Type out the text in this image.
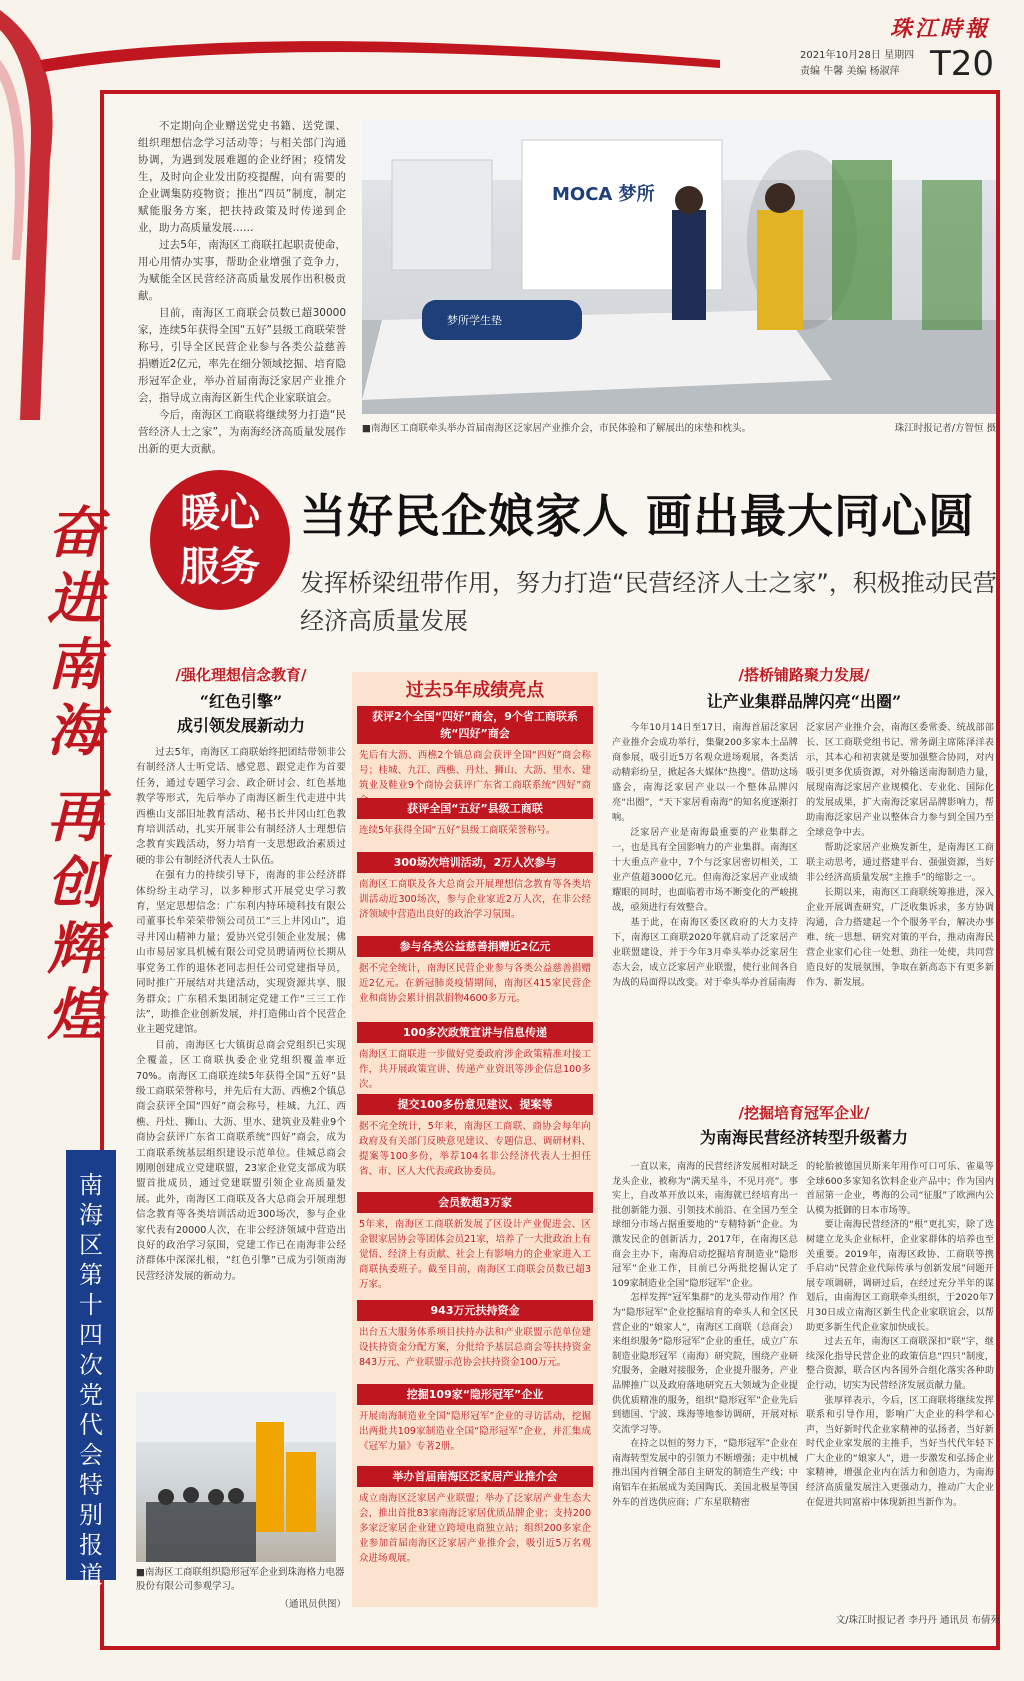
珠江時報
2021年10月28日 星期四
责编 牛馨 美编 杨淑萍 T20
奋
进
南
海
再
创
辉
煌
南
海
区
第
十
四
次
党
代
会
特
别
报
道

不定期向企业赠送党史书籍、送党课、组织理想信念学习活动等；与相关部门沟通协调，为遇到发展难题的企业纾困；疫情发生，及时向企业发出防疫提醒，向有需要的企业调集防疫物资；推出“四员”制度，制定赋能服务方案，把扶持政策及时传递到企业，助力高质量发展……

过去5年，南海区工商联扛起职责使命，用心用情办实事，帮助企业增强了竞争力，为赋能全区民营经济高质量发展作出积极贡献。

目前，南海区工商联会员数已超30000家，连续5年获得全国“五好”县级工商联荣誉称号，引导全区民营企业参与各类公益慈善捐赠近2亿元，率先在细分领域挖掘、培育隐形冠军企业，举办首届南海泛家居产业推介会，指导成立南海区新生代企业家联谊会。

今后，南海区工商联将继续努力打造“民营经济人士之家”，为南海经济高质量发展作出新的更大贡献。

MOCA 梦所
梦所学生垫
■南海区工商联牵头举办首届南海区泛家居产业推介会，市民体验和了解展出的床垫和枕头。	珠江时报记者/方智恒 摄
暖心
服务
当好民企娘家人 画出最大同心圆
发挥桥梁纽带作用，努力打造“民营经济人士之家”，积极推动民营经济高质量发展
/强化理想信念教育/
“红色引擎”
成引领发展新动力

过去5年，南海区工商联始终把团结带领非公有制经济人士听党话、感党恩、跟党走作为首要任务，通过专题学习会、政企研讨会、红色基地教学等形式，先后举办了南海区新生代走进中共西樵山支部旧址教育活动、秘书长井冈山红色教育培训活动，扎实开展非公有制经济人士理想信念教育实践活动，努力培育一支思想政治素质过硬的非公有制经济代表人士队伍。

在强有力的持续引导下，南海的非公经济群体纷纷主动学习，以多种形式开展党史学习教育，坚定思想信念：广东利内特环境科技有限公司董事长牟荣荣带领公司员工“三上井冈山”，追寻井冈山精神力量；爱协兴党引领企业发展；佛山市易居家具机械有限公司党员聘请两位长期从事党务工作的退休老同志担任公司党建指导员，同时推广开展结对共建活动，实现资源共享、服务群众；广东稻禾集团制定党建工作“三三工作法”，助推企业创新发展，并打造佛山首个民营企业主题党建馆。

目前，南海区七大镇街总商会党组织已实现全覆盖，区工商联执委企业党组织覆盖率近70%。南海区工商联连续5年获得全国“五好”县级工商联荣誉称号，并先后有大沥、西樵2个镇总商会获评全国“四好”商会称号，桂城、九江、西樵、丹灶、狮山、大沥、里水、建筑业及鞋业9个商协会获评广东省工商联系统“四好”商会，成为工商联系统基层组织建设示范单位。佳城总商会刚刚创建成立党建联盟，23家企业党支部成为联盟首批成员，通过党建联盟引领企业高质量发展。此外，南海区工商联及各大总商会开展理想信念教育等各类培训活动近300场次，参与企业家代表有20000人次，在非公经济领域中营造出良好的政治学习氛围，党建工作已在南海非公经济群体中深深扎根，“红色引擎”已成为引领南海民营经济发展的新动力。

■南海区工商联组织隐形冠军企业到珠海格力电器股份有限公司参观学习。
（通讯员供图）
过去5年成绩亮点
获评2个全国“四好”商会，9个省工商联系统“四好”商会
先后有大沥、西樵2个镇总商会获评全国“四好”商会称号；桂城、九江、西樵、丹灶、狮山、大沥、里水、建筑业及鞋业9个商协会获评广东省工商联系统“四好”商
获评全国“五好”县级工商联
连续5年获得全国“五好”县级工商联荣誉称号。
300场次培训活动，2万人次参与
南海区工商联及各大总商会开展理想信念教育等各类培训活动近300场次，参与企业家近2万人次，在非公经济领域中营造出良好的政治学习氛围。
参与各类公益慈善捐赠近2亿元
据不完全统计，南海区民营企业参与各类公益慈善捐赠近2亿元。在新冠肺炎疫情期间，南海区415家民营企业和商协会累计捐款捐物4600多万元。
100多次政策宣讲与信息传递
南海区工商联进一步做好党委政府涉企政策精准对接工作，共开展政策宣讲、传递产业资讯等涉企信息100多次。
提交100多份意见建议、提案等
据不完全统计，5年来，南海区工商联、商协会每年向政府及有关部门反映意见建议、专题信息、调研材料、提案等100多份，举荐104名非公经济代表人士担任省、市、区人大代表或政协委员。
会员数超3万家
5年来，南海区工商联新发展了区设计产业促进会、区金银家居协会等团体会员21家，培养了一大批政治上有觉悟、经济上有贡献、社会上有影响力的企业家进入工商联执委班子。截至目前，南海区工商联会员数已超3万家。
943万元扶持资金
出台五大服务体系项目扶持办法和产业联盟示范单位建设扶持资金分配方案，分批给予基层总商会等扶持资金843万元、产业联盟示范协会扶持资金100万元。
挖掘109家“隐形冠军”企业
开展南海制造业全国“隐形冠军”企业的寻访活动，挖掘出两批共109家制造业全国“隐形冠军”企业，并汇集成《冠军力量》专著2册。
举办首届南海区泛家居产业推介会
成立南海区泛家居产业联盟；举办了泛家居产业生态大会，推出首批83家南海泛家居优质品牌企业；支持200多家泛家居企业建立跨境电商独立站；组织200多家企业参加首届南海区泛家居产业推介会，吸引近5万名观众进场观展。
/搭桥铺路聚力发展/
让产业集群品牌闪亮“出圈”

今年10月14日至17日，南海首届泛家居产业推介会成功举行，集聚200多家本土品牌商参展，吸引近5万名观众进场观展，各类活动精彩纷呈，掀起各大媒体“热搜”。借助这场盛会，南海泛家居产业以一个整体品牌闪亮“出圈”，“天下家居看南海”的知名度逐渐打响。

泛家居产业是南海最重要的产业集群之一，也是具有全国影响力的产业集群。南海区十大重点产业中，7个与泛家居密切相关，工业产值超3000亿元。但南海泛家居产业成绩耀眼的同时，也面临着市场不断变化的严峻挑战，亟须进行有效整合。

基于此，在南海区委区政府的大力支持下，南海区工商联2020年就启动了泛家居产业联盟建设，并于今年3月牵头举办泛家居生态大会，成立泛家居产业联盟，使行业间各自为战的局面得以改变。对于牵头举办首届南海

泛家居产业推介会，南海区委常委、统战部部长、区工商联党组书记、常务副主席陈泽洋表示，其本心和初衷就是要加强整合协同，对内吸引更多优质资源，对外输送南海制造力量，展现南海泛家居产业规模化、专业化、国际化的发展成果，扩大南海泛家居品牌影响力，帮助南海泛家居产业以整体合力参与到全国乃至全球竞争中去。

帮助泛家居产业焕发新生，是南海区工商联主动思考，通过搭建平台、强强资源，当好非公经济高质量发展“主推手”的缩影之一。

长期以来，南海区工商联统筹推进，深入企业开展调查研究，广泛收集诉求，多方协调沟通，合力搭建起一个个服务平台，解决办事难、统一思想、研究对策的平台，推动南海民营企业家们心往一处想、劲往一处使，共同营造良好的发展氛围，争取在新高态下有更多新作为、新发展。

/挖掘培育冠军企业/
为南海民营经济转型升级蓄力

一直以来，南海的民营经济发展相对缺乏龙头企业，被称为“满天星斗，不见月亮”。事实上，自改革开放以来，南海就已经培育出一批创新能力强、引领技术前沿、在全国乃至全球细分市场占据重要地的“专精特新”企业。为激发民企的创新活力，2017年，在南海区总商会主办下，南海启动挖掘培育制造业“隐形冠军”企业工作，目前已分两批挖掘认定了109家制造业全国“隐形冠军”企业。

怎样发挥“冠军集群”的龙头带动作用？作为“隐形冠军”企业挖掘培育的牵头人和全区民营企业的“娘家人”，南海区工商联（总商会）来组织服务“隐形冠军”企业的重任，成立广东制造业隐形冠军（南海）研究院，围绕产业研究服务，金融对接服务，企业提升服务，产业品牌推广以及政府落地研究五大领域为企业提供优质精准的服务，组织“隐形冠军”企业先后到德国、宁波、珠海等地参访调研，开展对标交流学习等。

在持之以恒的努力下，“隐形冠军”企业在南海转型发展中的引领力不断增强；走中机械推出国内首辆全部自主研发的制造生产线；中南铝车在拓展成为美国陶氏、美国北极星等国外车的首选供应商；广东星联精密

的轮胎被德国贝斯来年用作可口可乐、雀巢等全球600多家知名饮料企业产品中；作为国内首屈第一企业，粤海的公司“征服”了欧洲内公认模为抵御的日本市场等。

要让南海民营经济的“根”更扎实，除了选树建立龙头企业标杆，企业家群体的培养也至关重要。2019年，南海区政协、工商联等携手启动“民营企业代际传承与创新发展”问题开展专项调研，调研过后，在经过充分半年的谋划后，由南海区工商联牵头组织，于2020年7月30日成立南海区新生代企业家联谊会，以帮助更多新生代企业家加快成长。

过去五年，南海区工商联深扣“联”字，继续深化指导民营企业的政策信息“四只”制度，整合资源，联合区内各国外合组化落实各种助企行动，切实为民营经济发展贡献力量。

张厚祥表示，今后，区工商联将继续发挥联系和引导作用，影响广大企业的科学和心声，当好新时代企业家精神的弘扬者，当好新时代企业家发展的主推手，当好当代代年轻下广大企业的“娘家人”，进一步激发和弘扬企业家精神，增强企业内在活力和创造力，为南海经济高质量发展注入更强动力，推动广大企业在促进共同富裕中体现新担当新作为。

文/珠江时报记者 李丹丹 通讯员 布倩苑
